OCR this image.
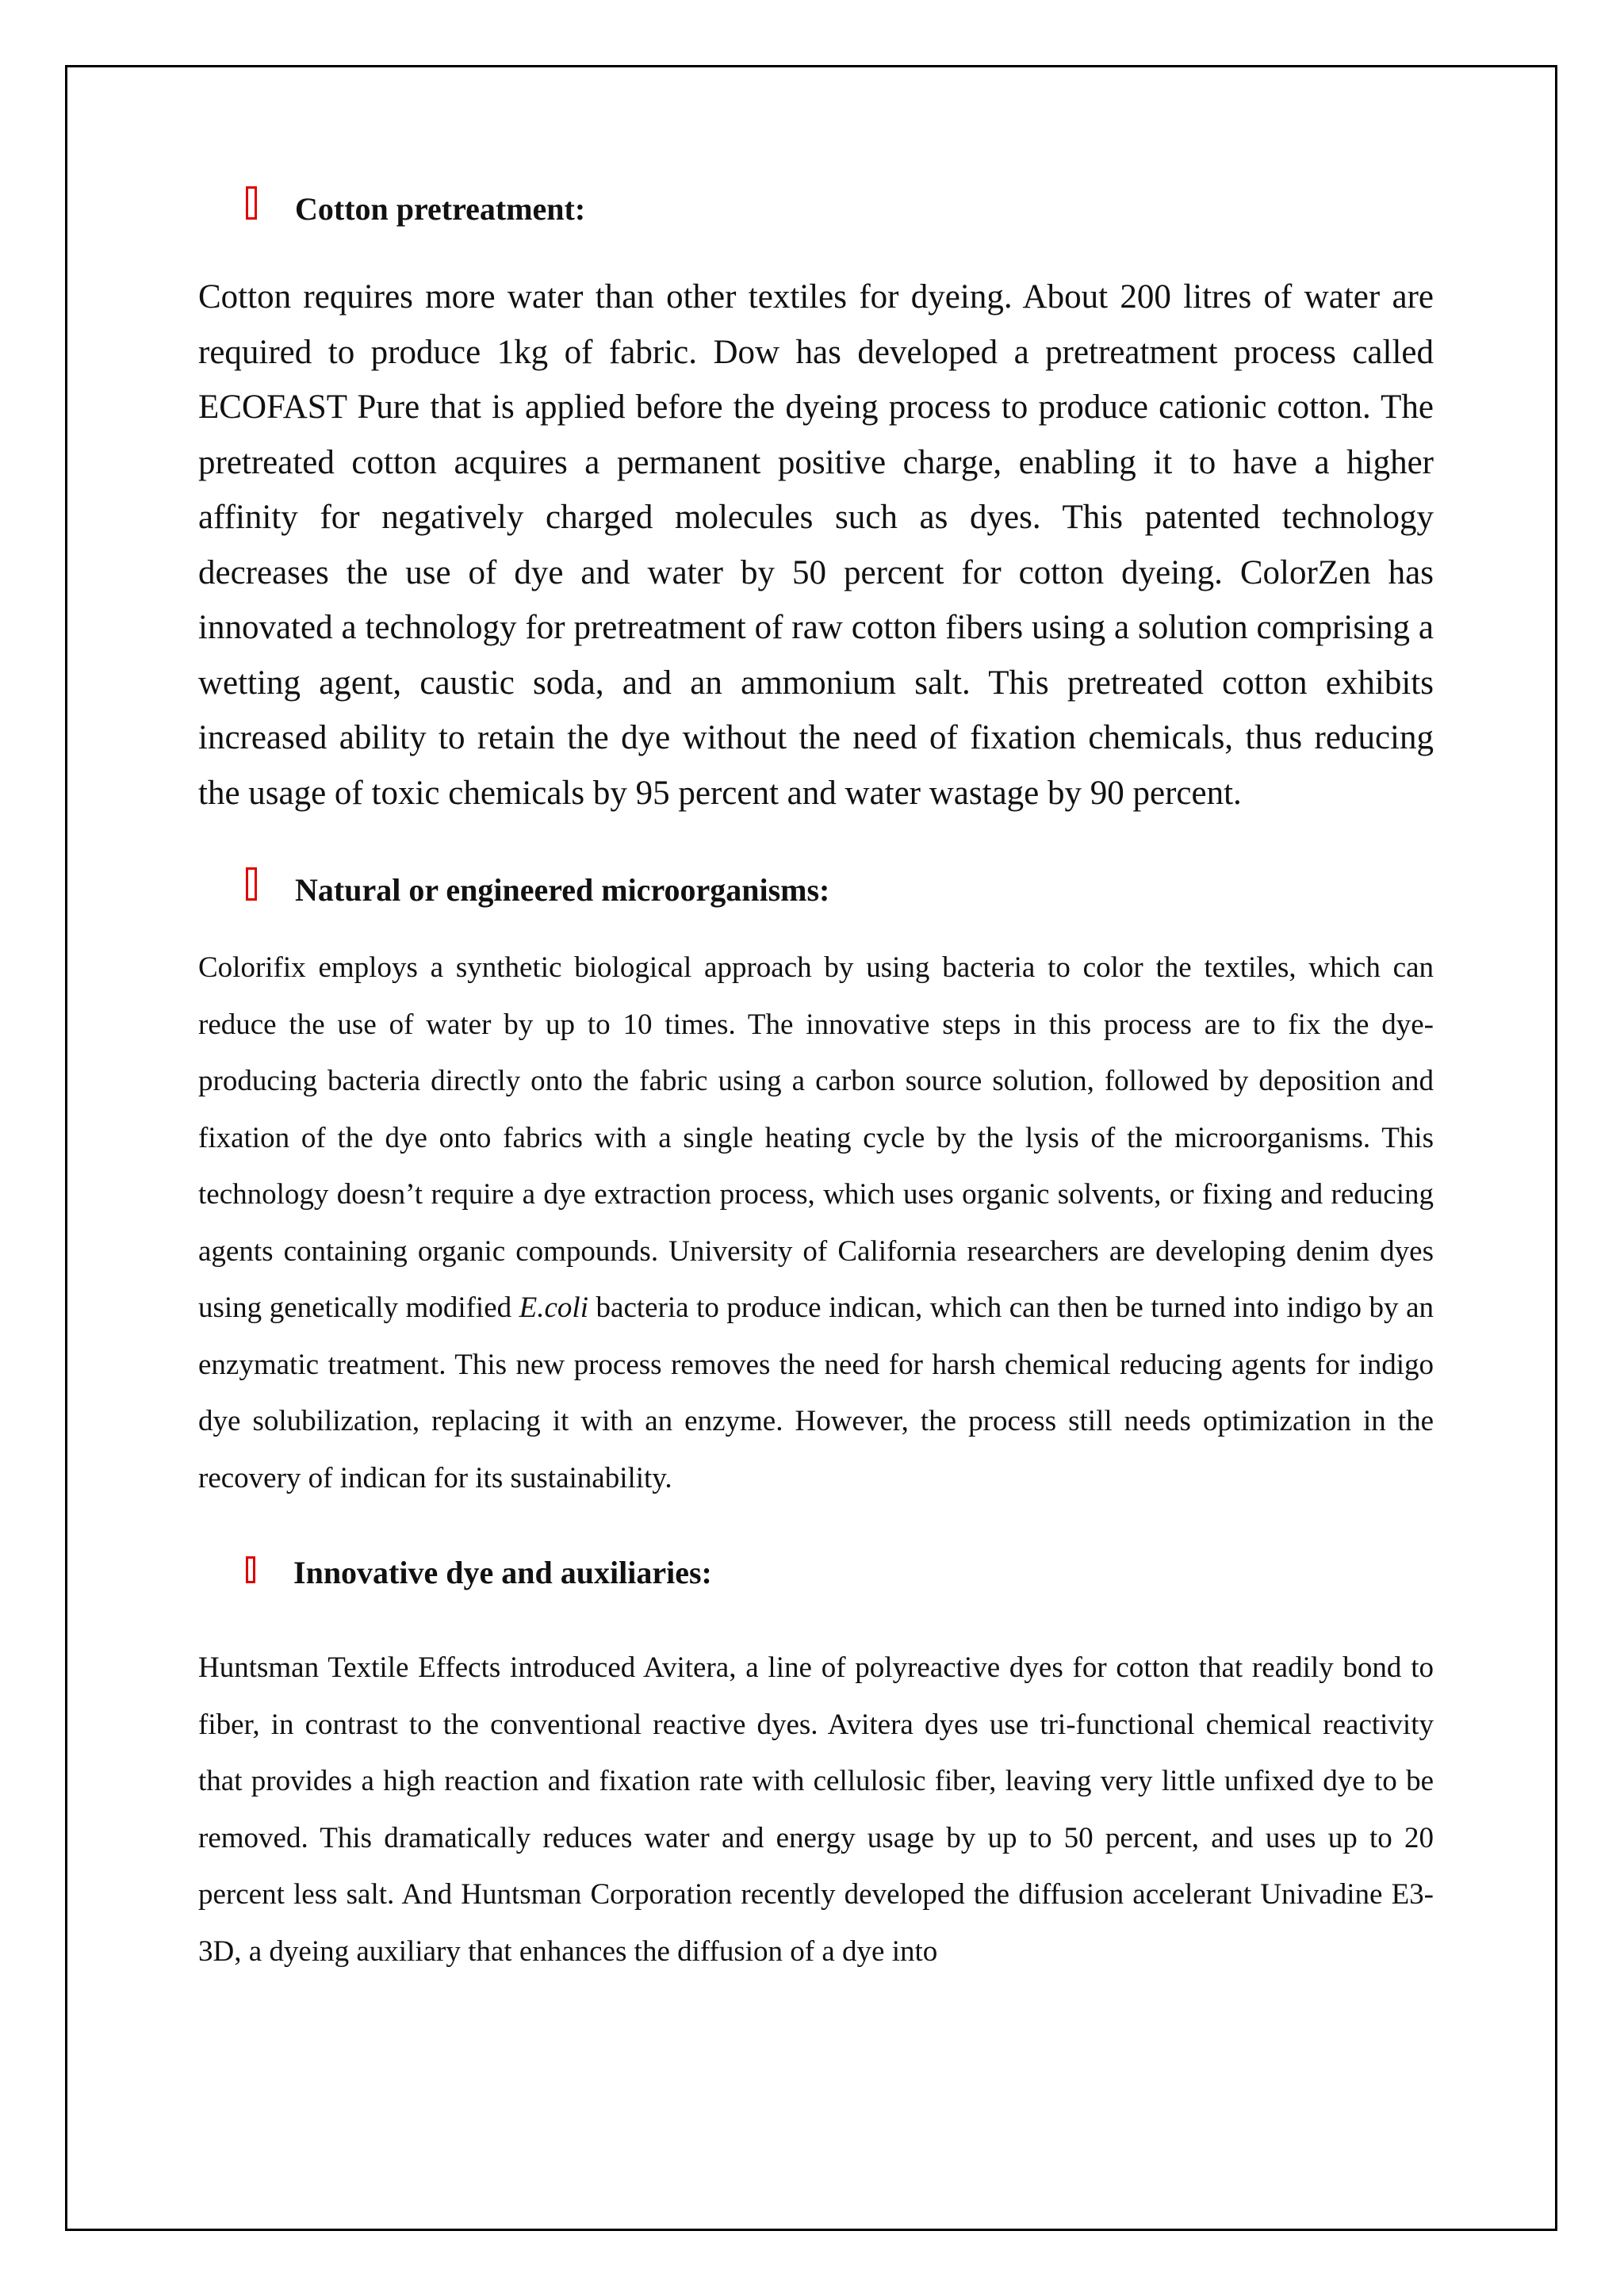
Cotton pretreatment:

Cotton requires more water than other textiles for dyeing. About 200 litres of water are required to produce 1kg of fabric. Dow has developed a pretreatment process called ECOFAST Pure that is applied before the dyeing process to produce cationic cotton. The pretreated cotton acquires a permanent positive charge, enabling it to have a higher affinity for negatively charged molecules such as dyes. This patented technology decreases the use of dye and water by 50 percent for cotton dyeing. ColorZen has innovated a technology for pretreatment of raw cotton fibers using a solution comprising a wetting agent, caustic soda, and an ammonium salt. This pretreated cotton exhibits increased ability to retain the dye without the need of fixation chemicals, thus reducing the usage of toxic chemicals by 95 percent and water wastage by 90 percent.

Natural or engineered microorganisms:

Colorifix employs a synthetic biological approach by using bacteria to color the textiles, which can reduce the use of water by up to 10 times. The innovative steps in this process are to fix the dye-producing bacteria directly onto the fabric using a carbon source solution, followed by deposition and fixation of the dye onto fabrics with a single heating cycle by the lysis of the microorganisms. This technology doesn’t require a dye extraction process, which uses organic solvents, or fixing and reducing agents containing organic compounds. University of California researchers are developing denim dyes using genetically modified E.coli bacteria to produce indican, which can then be turned into indigo by an enzymatic treatment. This new process removes the need for harsh chemical reducing agents for indigo dye solubilization, replacing it with an enzyme. However, the process still needs optimization in the recovery of indican for its sustainability.

Innovative dye and auxiliaries:

Huntsman Textile Effects introduced Avitera, a line of polyreactive dyes for cotton that readily bond to fiber, in contrast to the conventional reactive dyes. Avitera dyes use tri-functional chemical reactivity that provides a high reaction and fixation rate with cellulosic fiber, leaving very little unfixed dye to be removed. This dramatically reduces water and energy usage by up to 50 percent, and uses up to 20 percent less salt. And Huntsman Corporation recently developed the diffusion accelerant Univadine E3-3D, a dyeing auxiliary that enhances the diffusion of a dye into
